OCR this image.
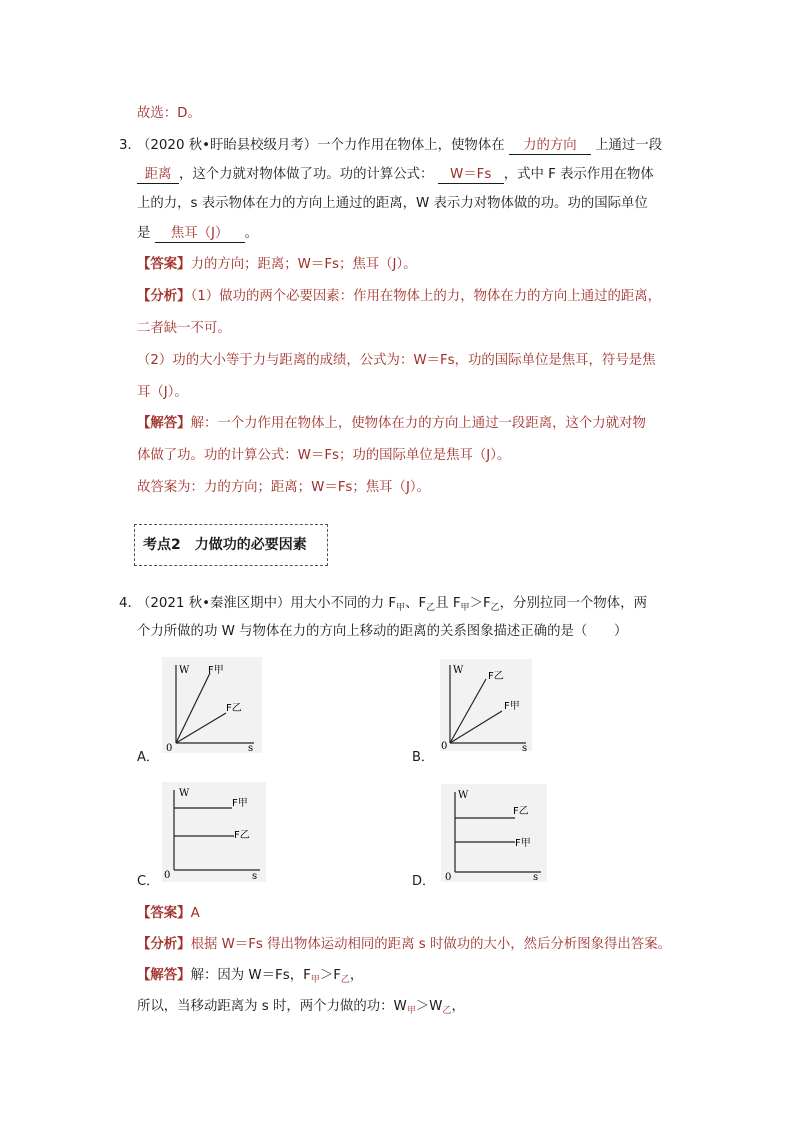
故选：D。
3．
（2020 秋•盱眙县校级月考）一个力作用在物体上，使物体在 力的方向 上通过一段
距离 ，这个力就对物体做了功。功的计算公式： W＝Fs ，式中 F 表示作用在物体
上的力，s 表示物体在力的方向上通过的距离，W 表示力对物体做的功。功的国际单位
是 焦耳（J） 。
【答案】力的方向；距离；W＝Fs；焦耳（J）。
【分析】（1）做功的两个必要因素：作用在物体上的力，物体在力的方向上通过的距离，
二者缺一不可。
（2）功的大小等于力与距离的成绩，公式为：W＝Fs，功的国际单位是焦耳，符号是焦
耳（J）。
【解答】解：一个力作用在物体上，使物体在力的方向上通过一段距离，这个力就对物
体做了功。功的计算公式：W＝Fs；功的国际单位是焦耳（J）。
故答案为：力的方向；距离；W＝Fs；焦耳（J）。
考点2　力做功的必要因素
4．
（2021 秋•秦淮区期中）用大小不同的力 $F_甲$、$F_乙$且 $F_甲>F_乙$，分别拉同一个物体，两
个力所做的功 W 与物体在力的方向上移动的距离的关系图象描述正确的是（　　）
W
s
0
F甲
F乙
A．
W
s
0
F乙
F甲
B．
W
s
0
F甲
F乙
C．
W
s
0
F乙
F甲
D．
【答案】A
【分析】根据 W＝Fs 得出物体运动相同的距离 s 时做功的大小，然后分析图象得出答案。
【解答】解：因为 W＝Fs，$F_甲>F_乙$，
所以，当移动距离为 s 时，两个力做的功：$W_甲>W_乙$，
